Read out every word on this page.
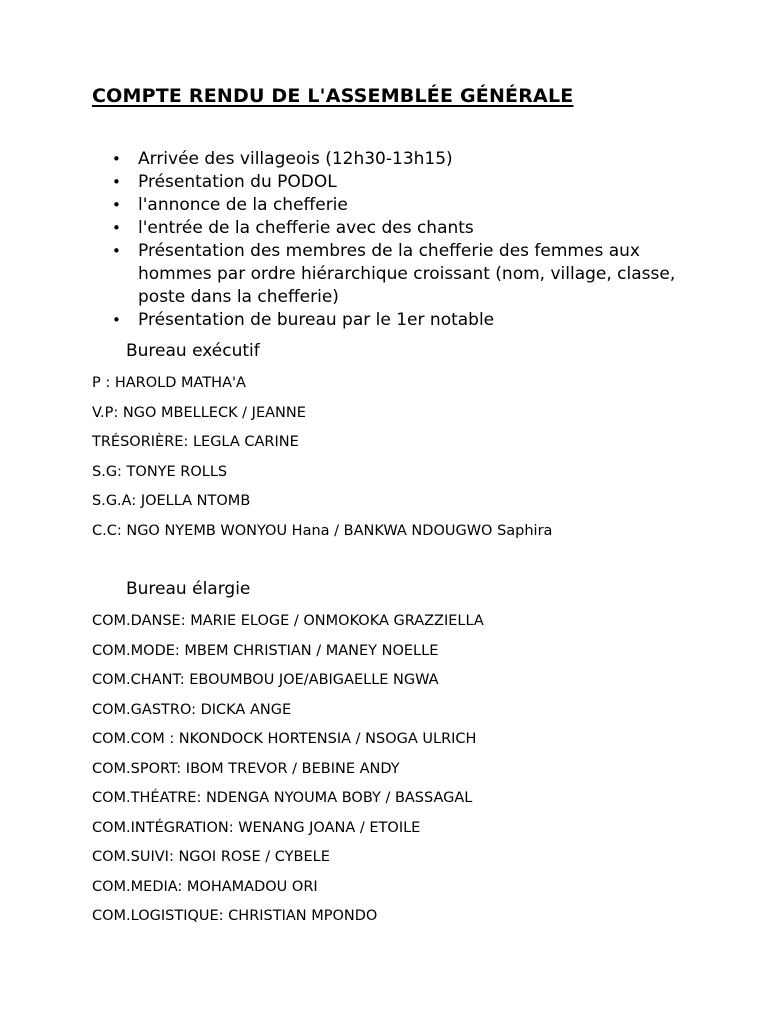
COMPTE RENDU DE L'ASSEMBLÉE GÉNÉRALE
• Arrivée des villageois (12h30-13h15)
• Présentation du PODOL
• l'annonce de la chefferie
• l'entrée de la chefferie avec des chants
• Présentation des membres de la chefferie des femmes aux hommes par ordre hiérarchique croissant (nom, village, classe, poste dans la chefferie)
• Présentation de bureau par le 1er notable
Bureau exécutif
P : HAROLD MATHA'A
V.P: NGO MBELLECK / JEANNE
TRÉSORIÈRE: LEGLA CARINE
S.G: TONYE ROLLS
S.G.A: JOELLA NTOMB
C.C: NGO NYEMB WONYOU Hana / BANKWA NDOUGWO Saphira
Bureau élargie
COM.DANSE: MARIE ELOGE / ONMOKOKA GRAZZIELLA
COM.MODE: MBEM CHRISTIAN / MANEY NOELLE
COM.CHANT: EBOUMBOU JOE/ABIGAELLE NGWA
COM.GASTRO: DICKA ANGE
COM.COM : NKONDOCK HORTENSIA / NSOGA ULRICH
COM.SPORT: IBOM TREVOR / BEBINE ANDY
COM.THÉATRE: NDENGA NYOUMA BOBY / BASSAGAL
COM.INTÉGRATION: WENANG JOANA / ETOILE
COM.SUIVI: NGOI ROSE / CYBELE
COM.MEDIA: MOHAMADOU ORI
COM.LOGISTIQUE: CHRISTIAN MPONDO
